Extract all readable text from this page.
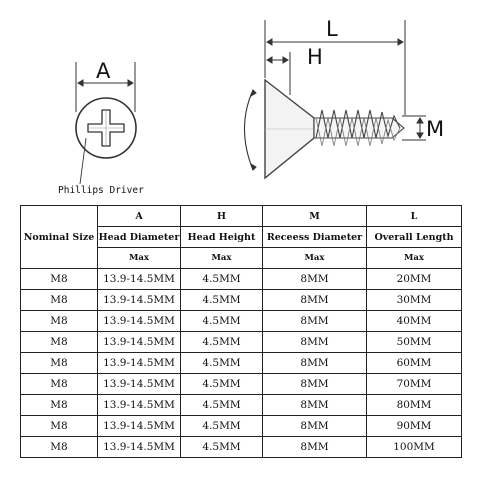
A
Phillips Driver
L
H
M
Nominal Size	A	H	M	L
	Head Diameter	Head Height	Receess Diameter	Overall Length
	Max	Max	Max	Max
M8	13.9-14.5MM	4.5MM	8MM	20MM
M8	13.9-14.5MM	4.5MM	8MM	30MM
M8	13.9-14.5MM	4.5MM	8MM	40MM
M8	13.9-14.5MM	4.5MM	8MM	50MM
M8	13.9-14.5MM	4.5MM	8MM	60MM
M8	13.9-14.5MM	4.5MM	8MM	70MM
M8	13.9-14.5MM	4.5MM	8MM	80MM
M8	13.9-14.5MM	4.5MM	8MM	90MM
M8	13.9-14.5MM	4.5MM	8MM	100MM
